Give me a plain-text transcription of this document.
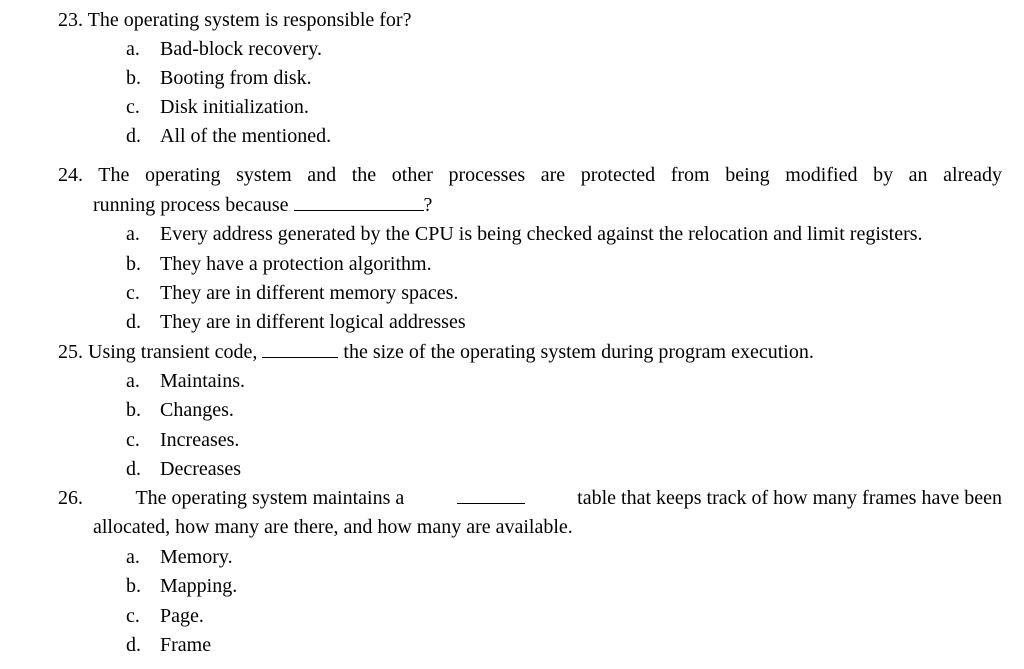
23. The operating system is responsible for?
a. Bad-block recovery.
b. Booting from disk.
c. Disk initialization.
d. All of the mentioned.
24. The operating system and the other processes are protected from being modified by an already
running process because	?
a. Every address generated by the CPU is being checked against the relocation and limit registers.
b. They have a protection algorithm.
c. They are in different memory spaces.
d. They are in different logical addresses
25. Using transient code,	the size of the operating system during program execution.
a. Maintains.
b. Changes.
c. Increases.
d. Decreases
26.	The operating system maintains a	table that keeps track of how many frames have been
allocated, how many are there, and how many are available.
a. Memory.
b. Mapping.
c. Page.
d. Frame
